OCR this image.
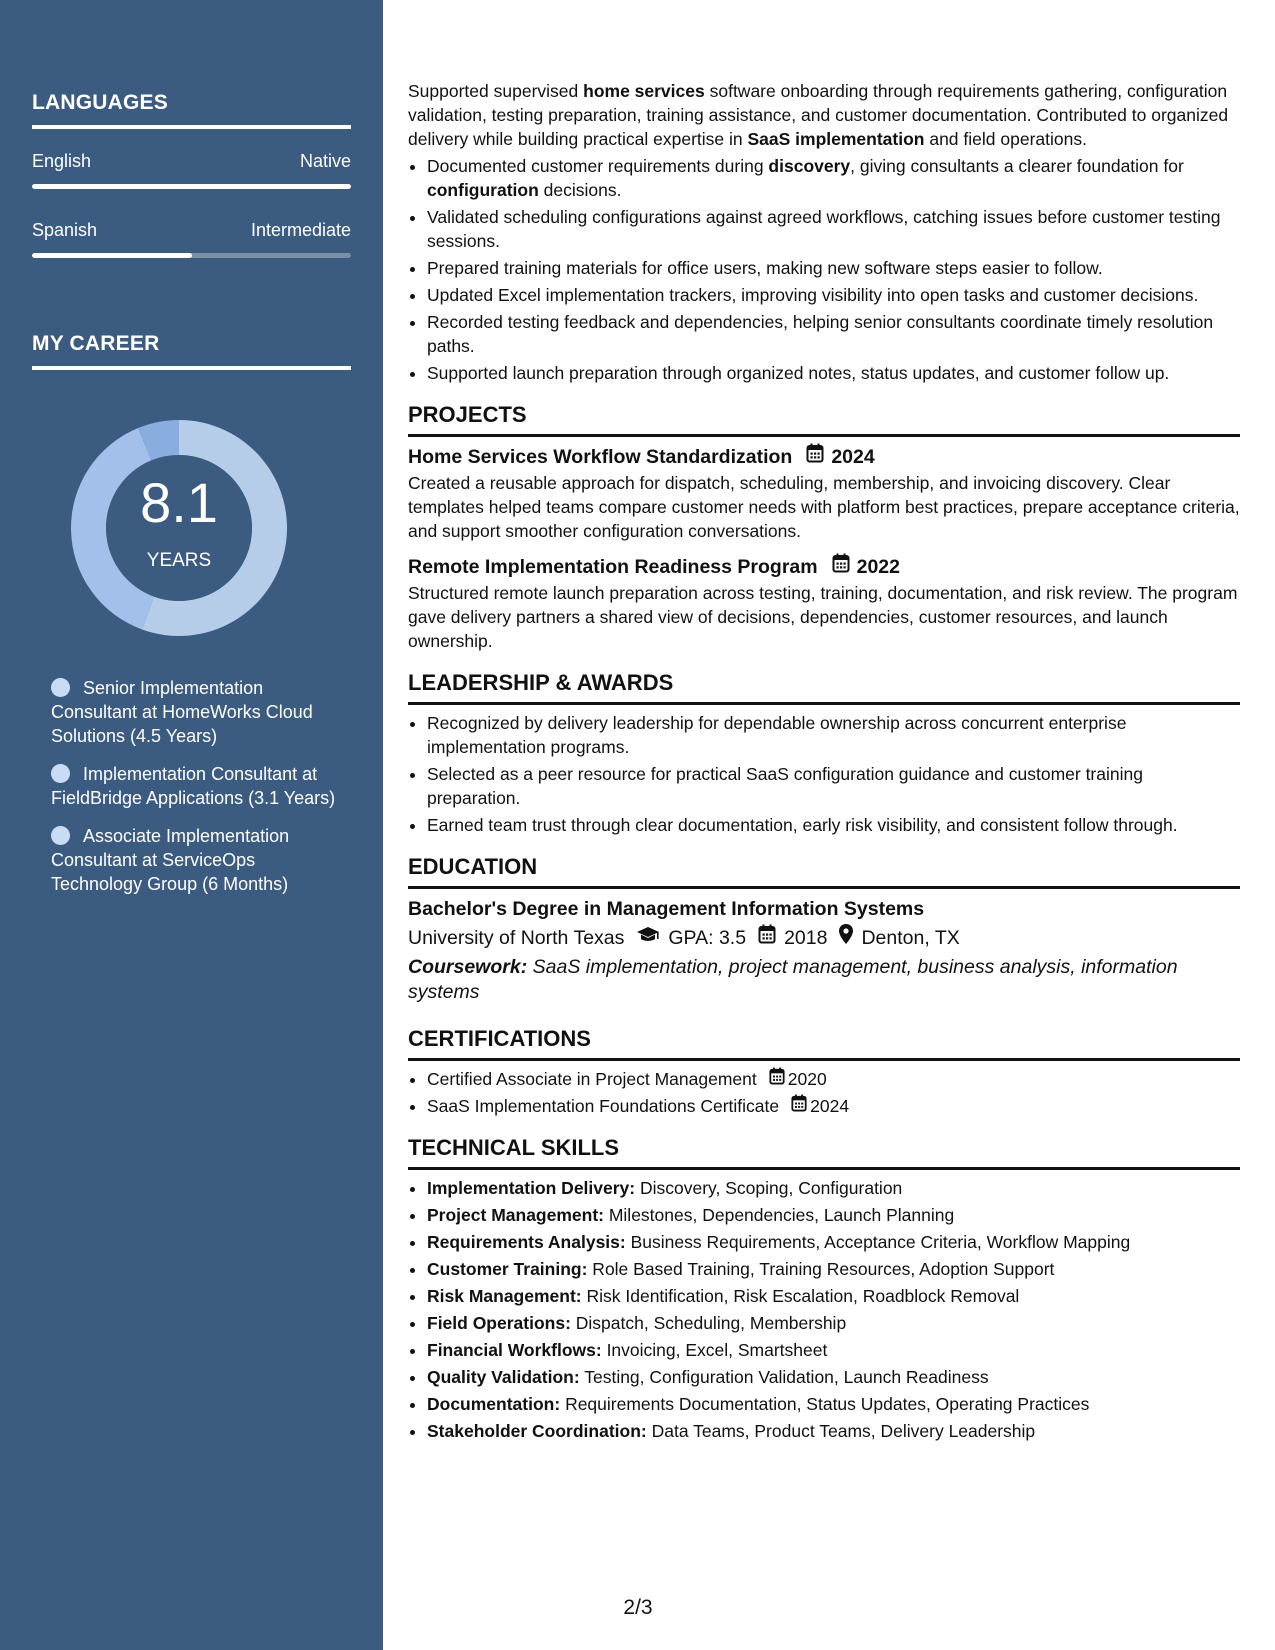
LANGUAGES
English	Native
Spanish	Intermediate
MY CAREER
8.1
YEARS
Senior Implementation Consultant at HomeWorks Cloud Solutions (4.5 Years)
Implementation Consultant at FieldBridge Applications (3.1 Years)
Associate Implementation Consultant at ServiceOps Technology Group (6 Months)

Supported supervised home services software onboarding through requirements gathering, configuration validation, testing preparation, training assistance, and customer documentation. Contributed to organized delivery while building practical expertise in SaaS implementation and field operations.

• Documented customer requirements during discovery, giving consultants a clearer foundation for configuration decisions.
• Validated scheduling configurations against agreed workflows, catching issues before customer testing sessions.
• Prepared training materials for office users, making new software steps easier to follow.
• Updated Excel implementation trackers, improving visibility into open tasks and customer decisions.
• Recorded testing feedback and dependencies, helping senior consultants coordinate timely resolution paths.
• Supported launch preparation through organized notes, status updates, and customer follow up.
PROJECTS
Home Services Workflow Standardization 2024

Created a reusable approach for dispatch, scheduling, membership, and invoicing discovery. Clear templates helped teams compare customer needs with platform best practices, prepare acceptance criteria, and support smoother configuration conversations.

Remote Implementation Readiness Program 2022

Structured remote launch preparation across testing, training, documentation, and risk review. The program gave delivery partners a shared view of decisions, dependencies, customer resources, and launch ownership.

LEADERSHIP & AWARDS
• Recognized by delivery leadership for dependable ownership across concurrent enterprise implementation programs.
• Selected as a peer resource for practical SaaS configuration guidance and customer training preparation.
• Earned team trust through clear documentation, early risk visibility, and consistent follow through.
EDUCATION
Bachelor's Degree in Management Information Systems
University of North Texas GPA: 3.5 2018 Denton, TX
Coursework: SaaS implementation, project management, business analysis, information systems
CERTIFICATIONS
• Certified Associate in Project Management 2020
• SaaS Implementation Foundations Certificate 2024
TECHNICAL SKILLS
• Implementation Delivery: Discovery, Scoping, Configuration
• Project Management: Milestones, Dependencies, Launch Planning
• Requirements Analysis: Business Requirements, Acceptance Criteria, Workflow Mapping
• Customer Training: Role Based Training, Training Resources, Adoption Support
• Risk Management: Risk Identification, Risk Escalation, Roadblock Removal
• Field Operations: Dispatch, Scheduling, Membership
• Financial Workflows: Invoicing, Excel, Smartsheet
• Quality Validation: Testing, Configuration Validation, Launch Readiness
• Documentation: Requirements Documentation, Status Updates, Operating Practices
• Stakeholder Coordination: Data Teams, Product Teams, Delivery Leadership
2/3
